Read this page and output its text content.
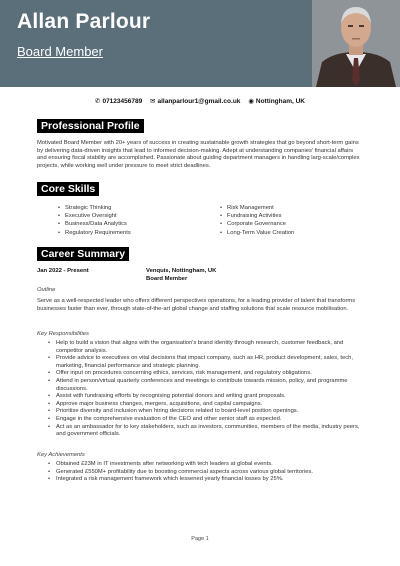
Allan Parlour

Board Member

✆ 07123456789 ✉ allanparlour1@gmail.co.uk ◉ Nottingham, UK
Professional Profile

Motivated Board Member with 20+ years of success in creating sustainable growth strategies that go beyond short-term gains by delivering data-driven insights that lead to informed decision-making. Adept at understanding companies' financial affairs and ensuring fiscal stability are accomplished. Passionate about guiding department managers in handling larg-scale/complex projects, while working well under pressure to meet strict deadlines.

Core Skills
• Strategic Thinking
• Executive Oversight
• Business/Data Analytics
• Regulatory Requirements
• Risk Management
• Fundraising Activities
• Corporate Governance
• Long-Term Value Creation
Career Summary
Jan 2022 - Present	Venquis, Nottingham, UK
Board Member
Outline

Serve as a well-respected leader who offers different perspectives operations, for a leading provider of talent that transforms businesses faster than ever, through state-of-the-art global change and staffing solutions that scale resource mobilisation.

Key Responsibilities
• Help to build a vision that aligns with the organisation's brand identity through research, customer feedback, and competitor analysis.
• Provide advice to executives on vital decisions that impact company, such as HR, product development, sales, tech, marketing, financial performance and strategic planning.
• Offer input on procedures concerning ethics, services, risk management, and regulatory obligations.
• Attend in person/virtual quarterly conferences and meetings to contribute towards mission, policy, and programme discussions.
• Assist with fundraising efforts by recognising potential donors and writing grant proposals.
• Approve major business changes, mergers, acquisitions, and capital campaigns.
• Prioritise diversity and inclusion when hiring decisions related to board-level position openings.
• Engage in the comprehensive evaluation of the CEO and other senior staff as expected.
• Act as an ambassador for to key stakeholders, such as investors, communities, members of the media, industry peers, and government officials.
Key Achievements
• Obtained £23M in IT investments after networking with tech leaders at global events.
• Generated £550M+ profitability due to boosting commercial aspects across various global territories.
• Integrated a risk management framework which lessened yearly financial losses by 25%.
Page 1
